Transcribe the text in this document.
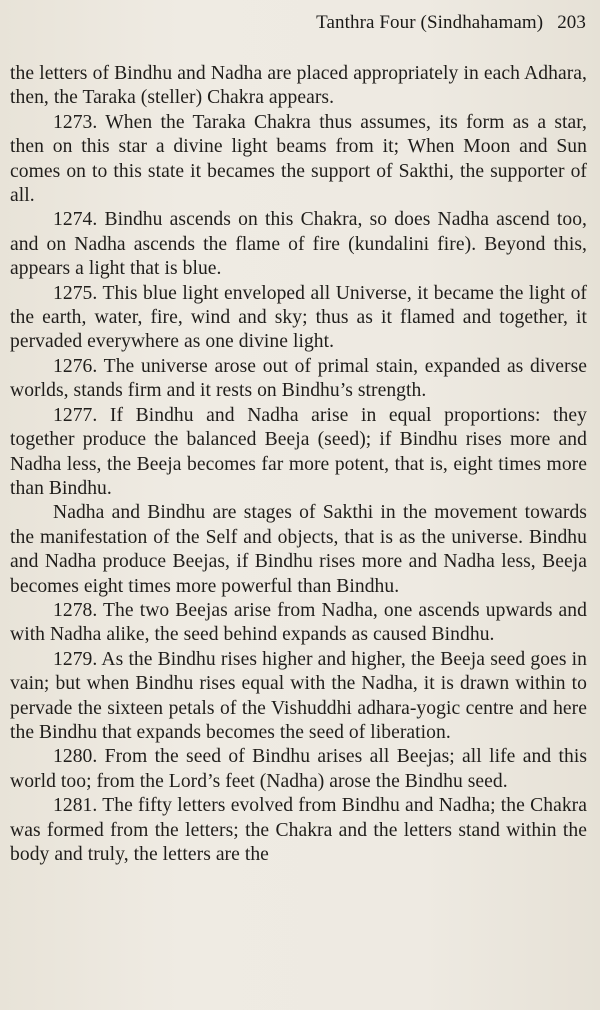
Tanthra Four (Sindhahamam) 203

the letters of Bindhu and Nadha are placed appropriately in each Adhara, then, the Taraka (steller) Chakra appears.

1273. When the Taraka Chakra thus assumes, its form as a star, then on this star a divine light beams from it; When Moon and Sun comes on to this state it becames the support of Sakthi, the supporter of all.

1274. Bindhu ascends on this Chakra, so does Nadha ascend too, and on Nadha ascends the flame of fire (kundalini fire). Beyond this, appears a light that is blue.

1275. This blue light enveloped all Universe, it became the light of the earth, water, fire, wind and sky; thus as it flamed and together, it pervaded everywhere as one divine light.

1276. The universe arose out of primal stain, expanded as diverse worlds, stands firm and it rests on Bindhu’s strength.

1277. If Bindhu and Nadha arise in equal proportions: they together produce the balanced Beeja (seed); if Bindhu rises more and Nadha less, the Beeja becomes far more potent, that is, eight times more than Bindhu.

Nadha and Bindhu are stages of Sakthi in the movement towards the manifestation of the Self and objects, that is as the universe. Bindhu and Nadha produce Beejas, if Bindhu rises more and Nadha less, Beeja becomes eight times more powerful than Bindhu.

1278. The two Beejas arise from Nadha, one ascends upwards and with Nadha alike, the seed behind expands as caused Bindhu.

1279. As the Bindhu rises higher and higher, the Beeja seed goes in vain; but when Bindhu rises equal with the Nadha, it is drawn within to pervade the sixteen petals of the Vishuddhi adhara-yogic centre and here the Bindhu that expands becomes the seed of liberation.

1280. From the seed of Bindhu arises all Beejas; all life and this world too; from the Lord’s feet (Nadha) arose the Bindhu seed.

1281. The fifty letters evolved from Bindhu and Nadha; the Chakra was formed from the letters; the Chakra and the letters stand within the body and truly, the letters are the
